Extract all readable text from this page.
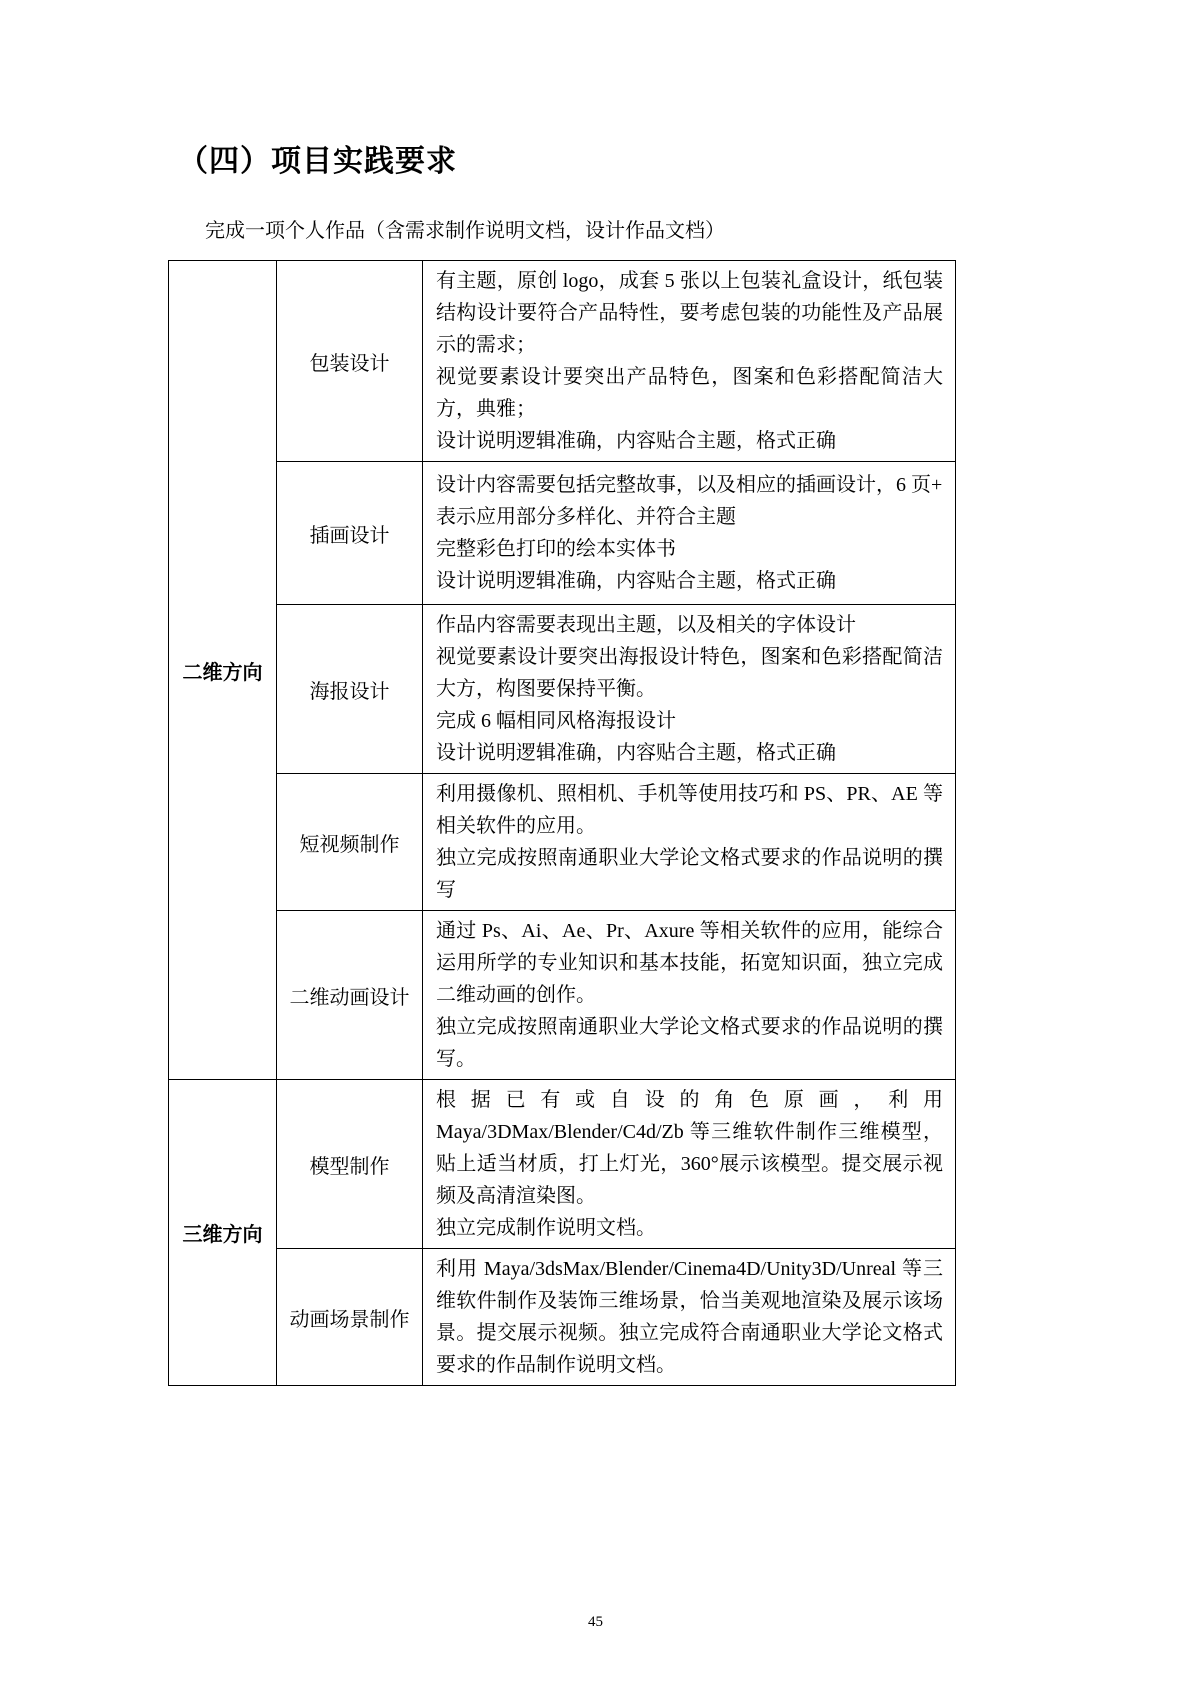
（四）项目实践要求
完成一项个人作品（含需求制作说明文档，设计作品文档）
二维方向	包装设计	有主题，原创 logo，成套 5 张以上包装礼盒设计，纸包装结构设计要符合产品特性，要考虑包装的功能性及产品展示的需求；
视觉要素设计要突出产品特色，图案和色彩搭配简洁大方，典雅；
设计说明逻辑准确，内容贴合主题，格式正确

	插画设计	设计内容需要包括完整故事，以及相应的插画设计，6 页+
表示应用部分多样化、并符合主题
完整彩色打印的绘本实体书
设计说明逻辑准确，内容贴合主题，格式正确

	海报设计	作品内容需要表现出主题，以及相关的字体设计
视觉要素设计要突出海报设计特色，图案和色彩搭配简洁大方，构图要保持平衡。
完成 6 幅相同风格海报设计
设计说明逻辑准确，内容贴合主题，格式正确

	短视频制作	利用摄像机、照相机、手机等使用技巧和 PS、PR、AE 等相关软件的应用。
独立完成按照南通职业大学论文格式要求的作品说明的撰写

	二维动画设计	通过 Ps、Ai、Ae、Pr、Axure 等相关软件的应用，能综合运用所学的专业知识和基本技能，拓宽知识面，独立完成二维动画的创作。
独立完成按照南通职业大学论文格式要求的作品说明的撰写。

三维方向	模型制作	根据已有或自设的角色原画，利用 Maya/3DMax/Blender/C4d/Zb 等三维软件制作三维模型，贴上适当材质，打上灯光，360°展示该模型。提交展示视频及高清渲染图。
独立完成制作说明文档。

	动画场景制作	利用 Maya/3dsMax/Blender/Cinema4D/Unity3D/Unreal 等三维软件制作及装饰三维场景，恰当美观地渲染及展示该场景。提交展示视频。独立完成符合南通职业大学论文格式要求的作品制作说明文档。
45
